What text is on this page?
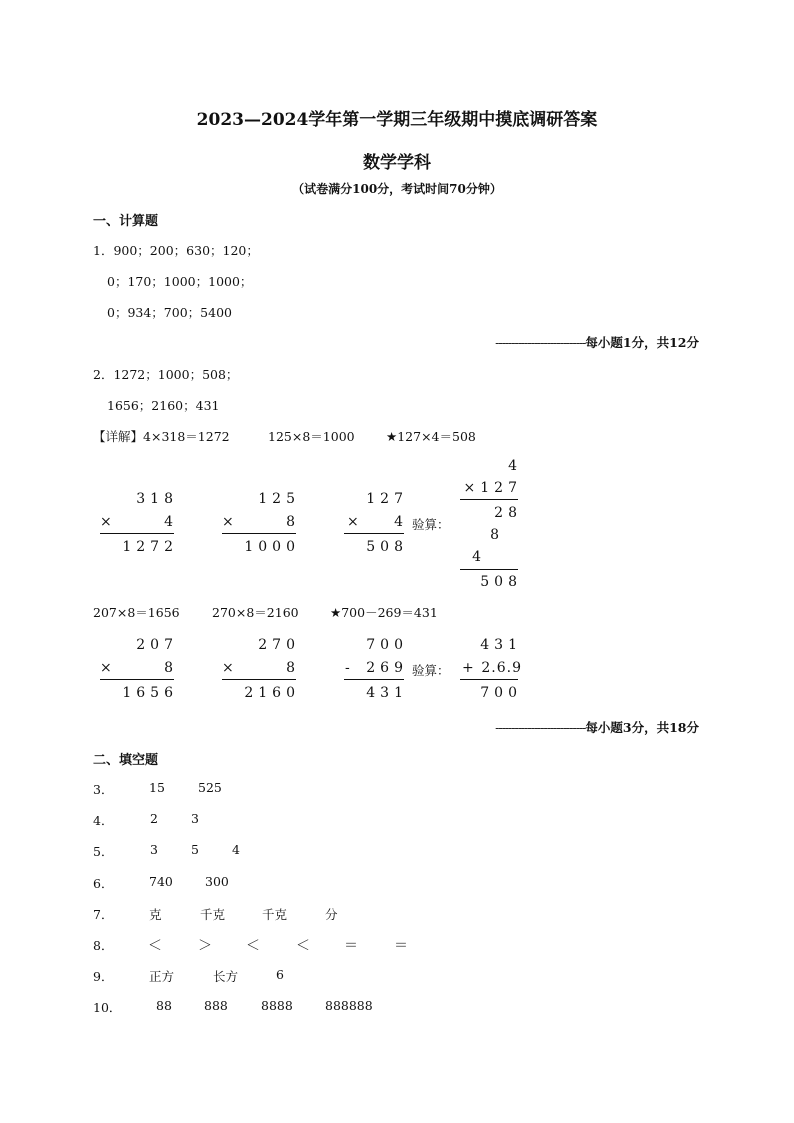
2023—2024学年第一学期三年级期中摸底调研答案
数学学科
（试卷满分100分，考试时间70分钟）
一、计算题
1．900；200；630；120；
0；170；1000；1000；
0；934；700；5400
----------------------------每小题1分，共12分
2．1272；1000；508；
1656；2160；431
【详解】4×318＝1272	125×8＝1000	★127×4＝508
318
×	4
1272
125
×	8
1000
127
×	4
508
验算：
4
×127
28
8
4
508
207×8＝1656	270×8＝2160	★700－269＝431
207
×	8
1656
270
×	8
2160
700
- 269
431
验算：
431
+ 2.6.9
700
----------------------------每小题3分，共18分
二、填空题
3．	15	525
4．	2	3
5．	3	5	4
6．	740	300
7．	克	千克	千克	分
8． ＜	＞ ＜	＜ ＝	＝
9．	正方	长方	6
10．	88	888	8888	888888
